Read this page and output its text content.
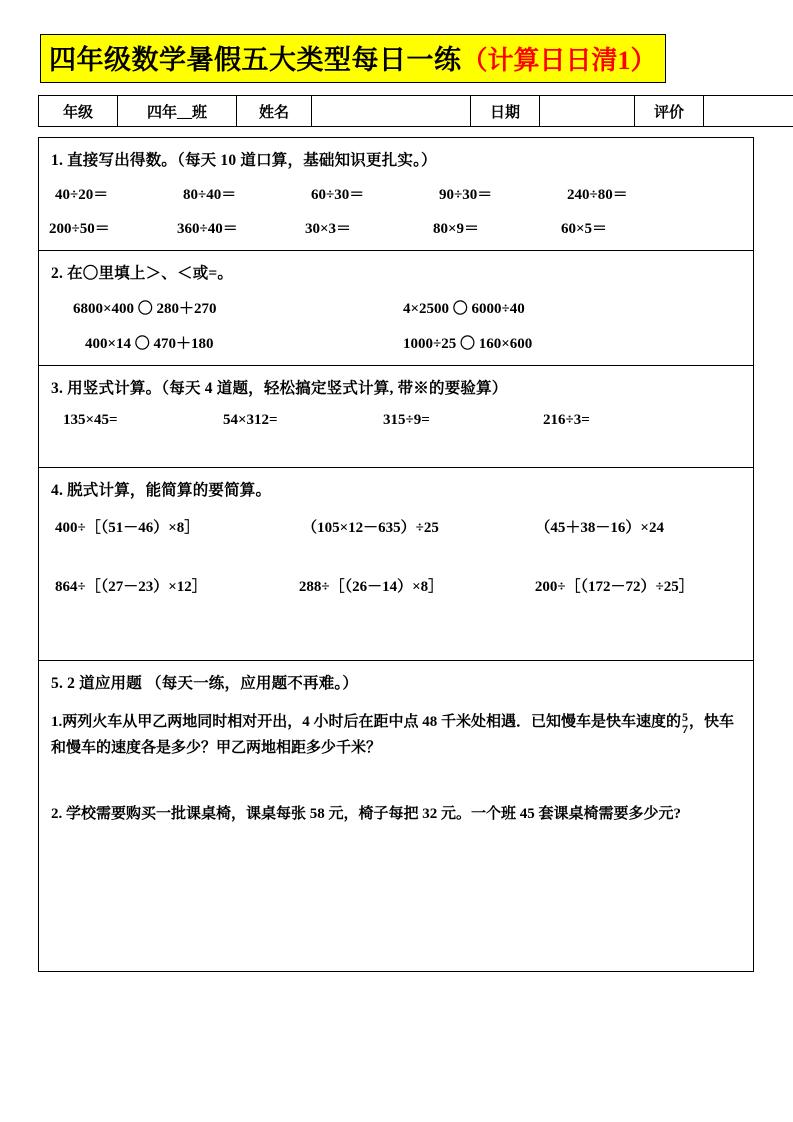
四年级数学暑假五大类型每日一练（计算日日清1）
年级	四年__班	姓名		日期		评价	
1. 直接写出得数。（每天 10 道口算，基础知识更扎实。）
40÷20＝	80÷40＝	60÷30＝	90÷30＝	240÷80＝
200÷50＝	360÷40＝	30×3＝	80×9＝	60×5＝
2. 在〇里填上＞、＜或=。
6800×400 〇 280＋270	4×2500 〇 6000÷40
400×14 〇 470＋180	1000÷25 〇 160×600
3. 用竖式计算。（每天 4 道题，轻松搞定竖式计算, 带※的要验算）
135×45=	54×312=	315÷9=	216÷3=
4. 脱式计算，能简算的要简算。
400÷［（51－46）×8］	（105×12－635）÷25	（45＋38－16）×24
864÷［（27－23）×12］	288÷［（26－14）×8］	200÷［（172－72）÷25］
5. 2 道应用题 （每天一练，应用题不再难。）
1.两列火车从甲乙两地同时相对开出，4 小时后在距中点 48 千米处相遇．已知慢车是快车速度的 5
7 ，快车和慢车的速度各是多少？甲乙两地相距多少千米？
2. 学校需要购买一批课桌椅，课桌每张 58 元，椅子每把 32 元。一个班 45 套课桌椅需要多少元?
